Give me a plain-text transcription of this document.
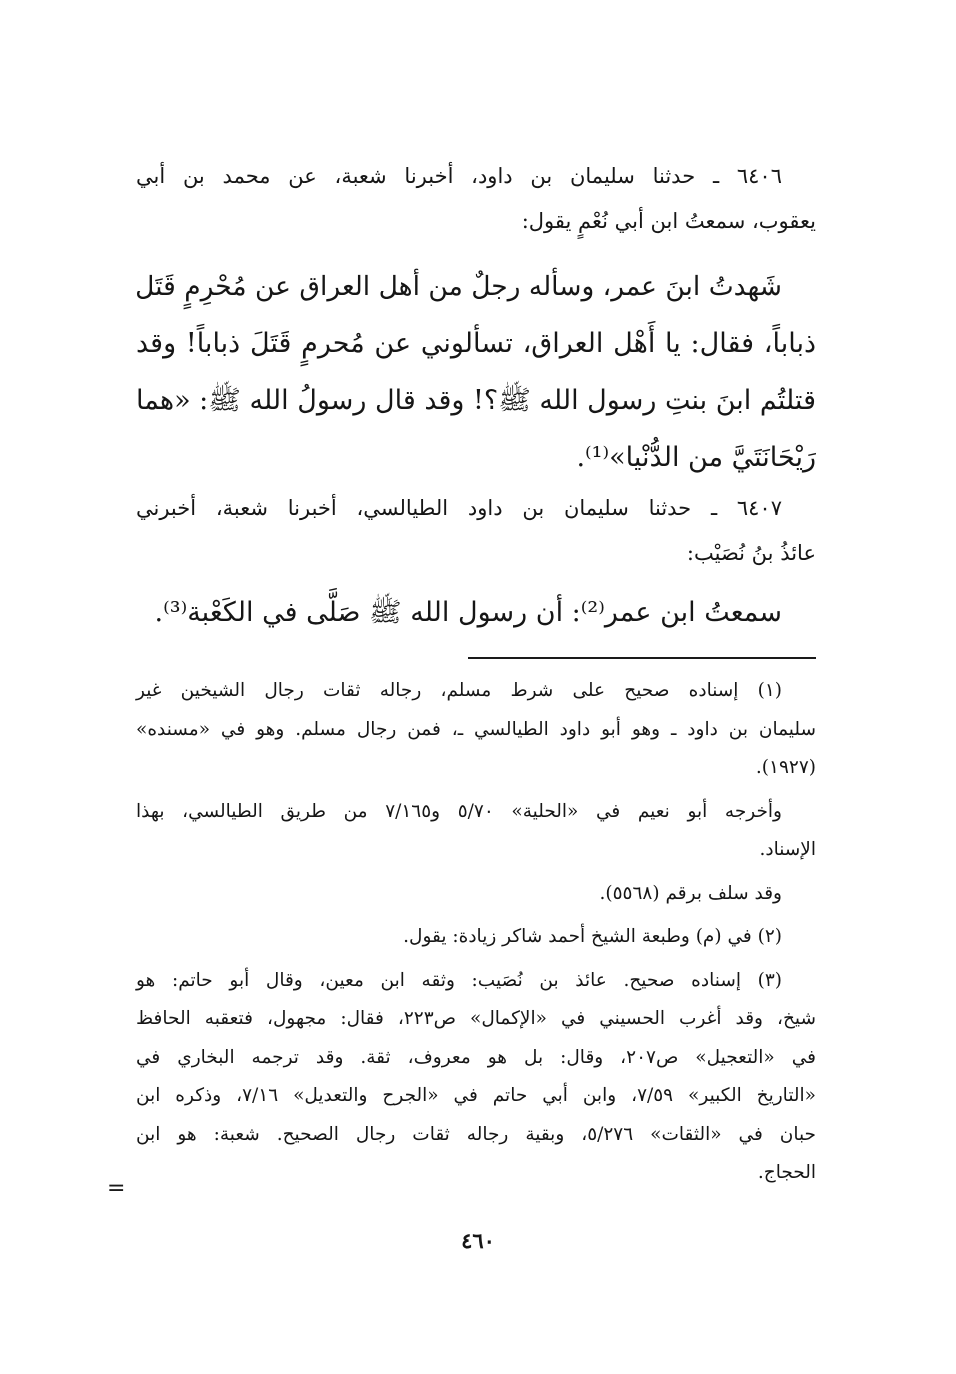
٦٤٠٦ ـ حدثنا سليمان بن داود، أخبرنا شعبة، عن محمد بن أبي
يعقوب، سمعتُ ابن أبي نُعْمٍ يقول:
شَهدتُ ابنَ عمر، وسأله رجلٌ من أهل العراق عن مُحْرِمٍ قَتَل
ذباباً، فقال: يا أَهْل العراق، تسألوني عن مُحرمٍ قَتَلَ ذباباً! وقد
قتلتُم ابنَ بنتِ رسول الله ﷺ؟! وقد قال رسولُ الله ﷺ: «هما
رَيْحَانَتَيَّ من الدُّنْيا»⁽¹⁾.
٦٤٠٧ ـ حدثنا سليمان بن داود الطيالسي، أخبرنا شعبة، أخبرني
عائذُ بنُ نُصَيْب:
سمعتُ ابن عمر⁽²⁾: أن رسول الله ﷺ صَلَّى في الكَعْبة⁽³⁾.

(١) إسناده صحيح على شرط مسلم، رجاله ثقات رجال الشيخين غير
سليمان بن داود ـ وهو أبو داود الطيالسي ـ، فمن رجال مسلم. وهو في «مسنده»
(١٩٢٧).

وأخرجه أبو نعيم في «الحلية» ٥/٧٠ و٧/١٦٥ من طريق الطيالسي، بهذا
الإسناد.

وقد سلف برقم (٥٥٦٨).

(٢) في (م) وطبعة الشيخ أحمد شاكر زيادة: يقول.

(٣) إسناده صحيح. عائذ بن نُصَيب: وثقه ابن معين، وقال أبو حاتم: هو
شيخ، وقد أغرب الحسيني في «الإكمال» ص٢٢٣، فقال: مجهول، فتعقبه الحافظ
في «التعجيل» ص٢٠٧، وقال: بل هو معروف، ثقة. وقد ترجمه البخاري في
«التاريخ الكبير» ٧/٥٩، وابن أبي حاتم في «الجرح والتعديل» ٧/١٦، وذكره ابن
حبان في «الثقات» ٥/٢٧٦، وبقية رجاله ثقات رجال الصحيح. شعبة: هو ابن
الحجاج.

=
٤٦٠
